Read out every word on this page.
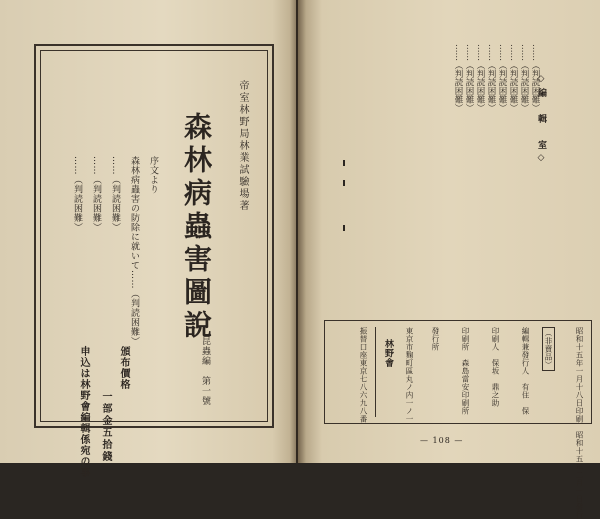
帝室林野局林業試驗場著
森林病蟲害圖說
昆蟲編　第一號

序文より

森林病蟲害の防除に就いて……（判読困難）

……（判読困難）

……（判読困難）

……（判読困難）

頒布價格
一部金五拾錢
申込は林野會編輯係宛の事
◇編　輯　室◇

……（判読困難）

……（判読困難）

……（判読困難）

……（判読困難）

……（判読困難）

……（判読困難）

……（判読困難）

……（判読困難）

昭和十五年一月十八日印刷　昭和十五年二月一日發行
（非賣品）
編輯兼發行人　有住　保
印刷人　保坂　鼎之助
印刷所　森島當安印刷所
發行所
東京市麴町區丸ノ内一ノ一
林野會
振替口座東京七八六九八番
— 108 —
